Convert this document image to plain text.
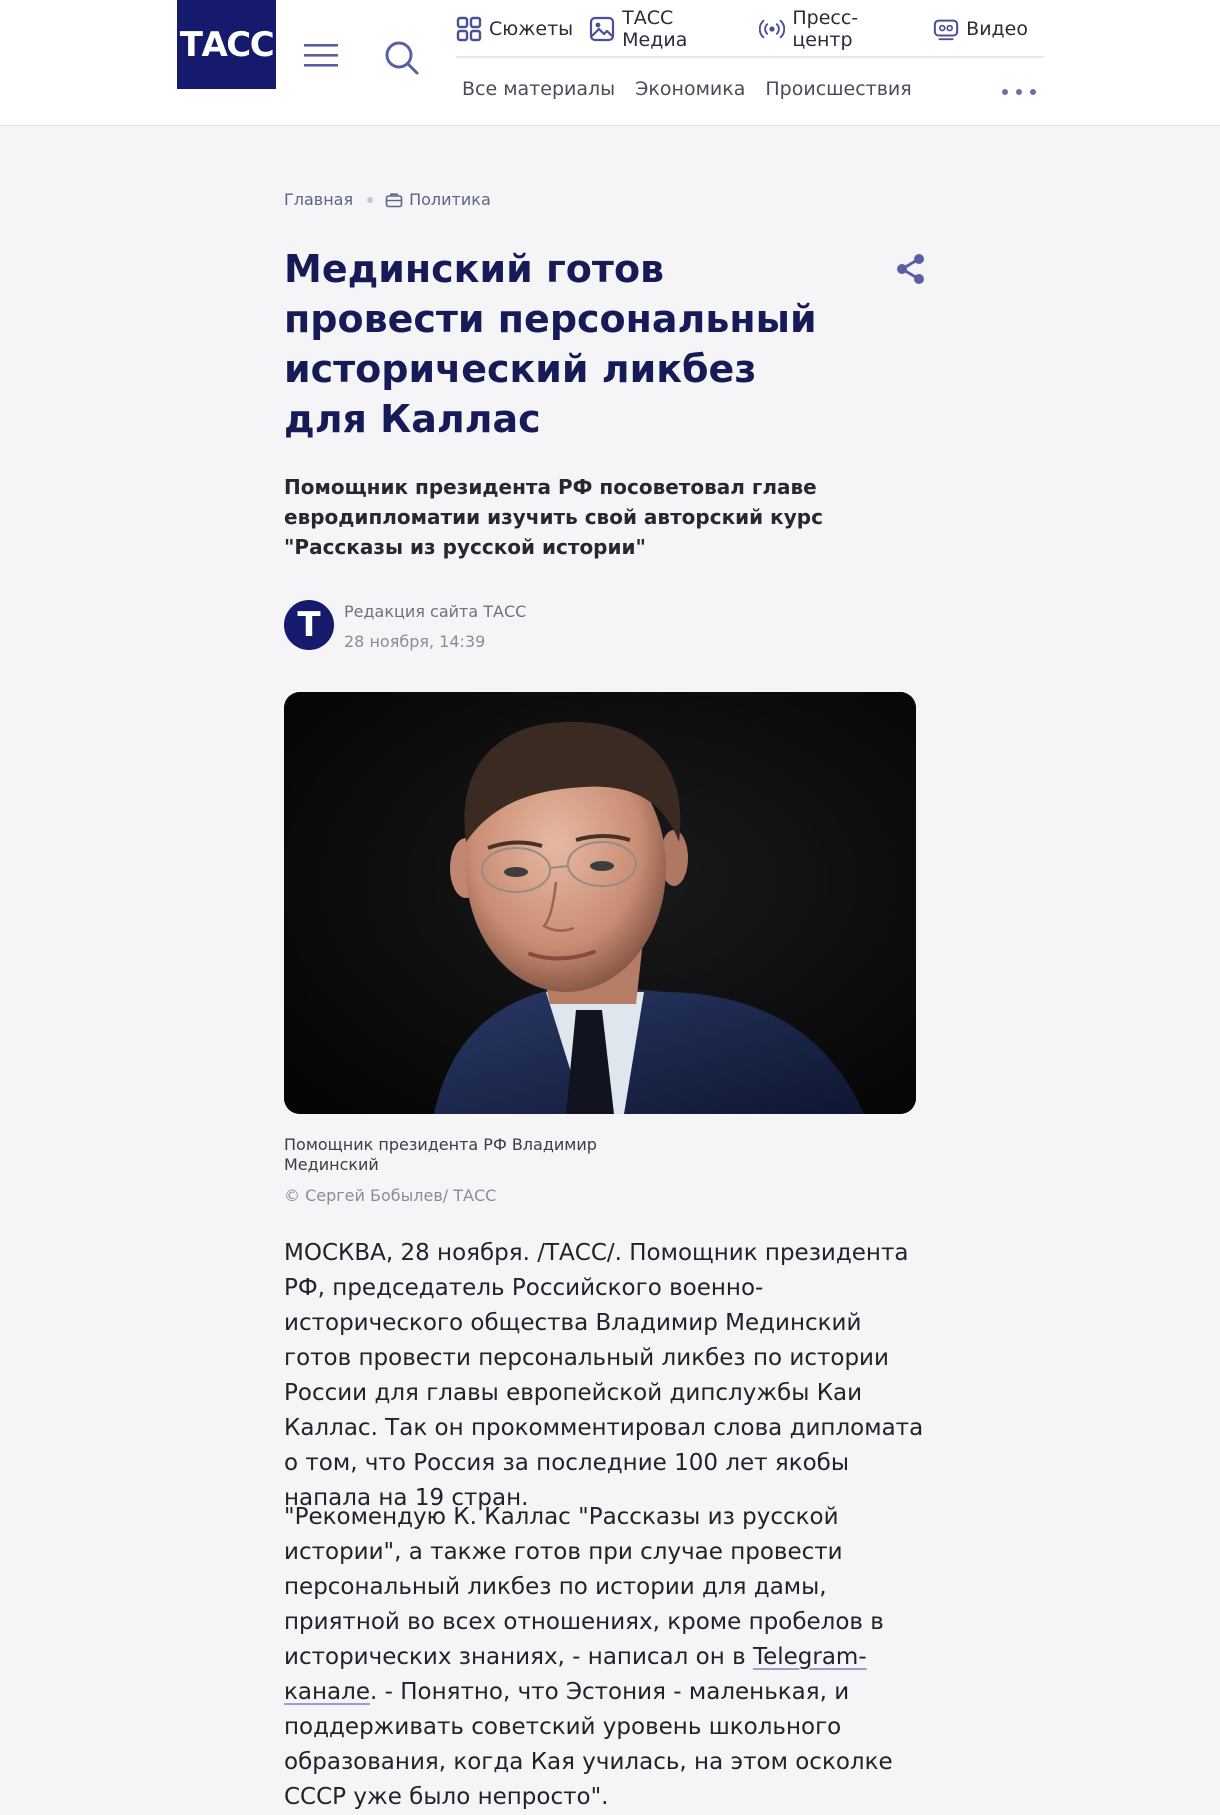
ТАСС	Сюжеты	ТАСС Медиа
Пресс-центр	Видео
Все материалы Экономика Происшествия
Главная	Политика
Мединский готов провести персональный исторический ликбез для Каллас

Помощник президента РФ посоветовал главе евродипломатии изучить свой авторский курс "Рассказы из русской истории"

Т	Редакция сайта ТАСС
28 ноября, 14:39
Помощник президента РФ Владимир Мединский
© Сергей Бобылев/ ТАСС

МОСКВА, 28 ноября. /ТАСС/. Помощник президента РФ, председатель Российского военно-исторического общества Владимир Мединский готов провести персональный ликбез по истории России для главы европейской дипслужбы Каи Каллас. Так он прокомментировал слова дипломата о том, что Россия за последние 100 лет якобы напала на 19 стран.

"Рекомендую К. Каллас "Рассказы из русской истории", а также готов при случае провести персональный ликбез по истории для дамы, приятной во всех отношениях, кроме пробелов в исторических знаниях, - написал он в Telegram-канале. - Понятно, что Эстония - маленькая, и поддерживать советский уровень школьного образования, когда Кая училась, на этом осколке СССР уже было непросто".
